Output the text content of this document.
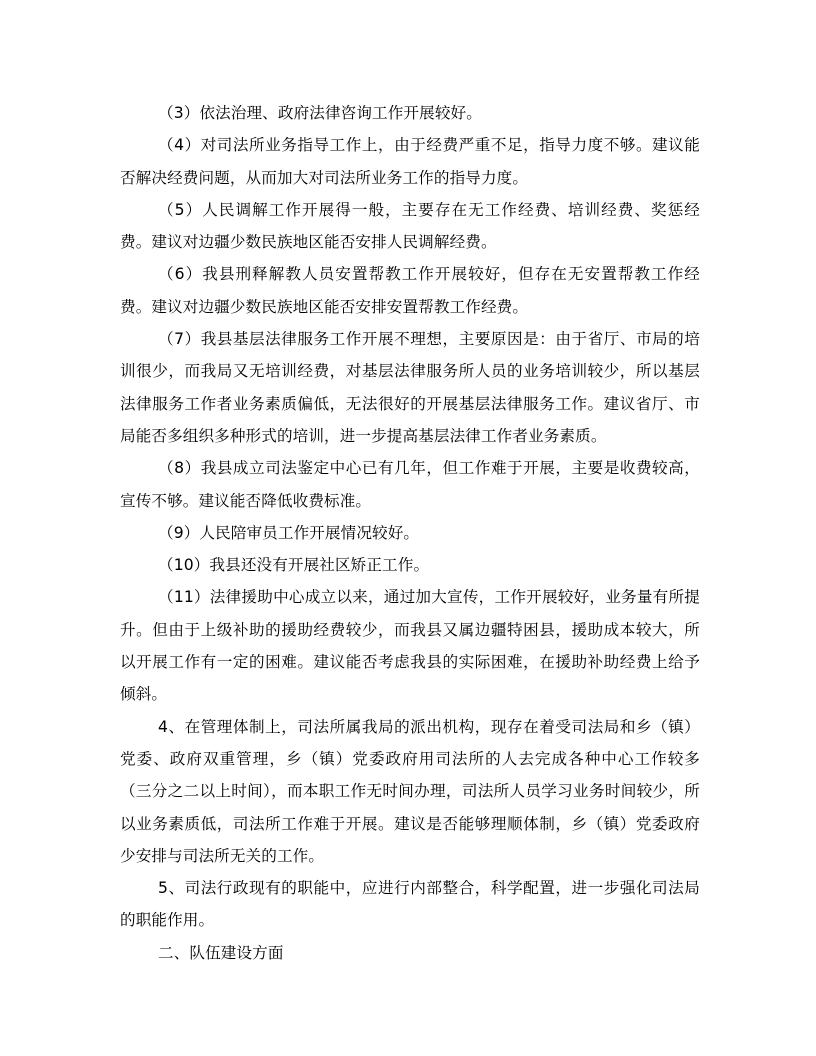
（3）依法治理、政府法律咨询工作开展较好。

（4）对司法所业务指导工作上，由于经费严重不足，指导力度不够。建议能否解决经费问题，从而加大对司法所业务工作的指导力度。

（5）人民调解工作开展得一般，主要存在无工作经费、培训经费、奖惩经费。建议对边疆少数民族地区能否安排人民调解经费。

（6）我县刑释解教人员安置帮教工作开展较好，但存在无安置帮教工作经费。建议对边疆少数民族地区能否安排安置帮教工作经费。

（7）我县基层法律服务工作开展不理想，主要原因是：由于省厅、市局的培训很少，而我局又无培训经费，对基层法律服务所人员的业务培训较少，所以基层法律服务工作者业务素质偏低，无法很好的开展基层法律服务工作。建议省厅、市局能否多组织多种形式的培训，进一步提高基层法律工作者业务素质。

（8）我县成立司法鉴定中心已有几年，但工作难于开展，主要是收费较高，宣传不够。建议能否降低收费标准。

（9）人民陪审员工作开展情况较好。

（10）我县还没有开展社区矫正工作。

（11）法律援助中心成立以来，通过加大宣传，工作开展较好，业务量有所提升。但由于上级补助的援助经费较少，而我县又属边疆特困县，援助成本较大，所以开展工作有一定的困难。建议能否考虑我县的实际困难，在援助补助经费上给予倾斜。

4、在管理体制上，司法所属我局的派出机构，现存在着受司法局和乡（镇）党委、政府双重管理，乡（镇）党委政府用司法所的人去完成各种中心工作较多（三分之二以上时间），而本职工作无时间办理，司法所人员学习业务时间较少，所以业务素质低，司法所工作难于开展。建议是否能够理顺体制，乡（镇）党委政府少安排与司法所无关的工作。

5、司法行政现有的职能中，应进行内部整合，科学配置，进一步强化司法局的职能作用。

二、队伍建设方面
